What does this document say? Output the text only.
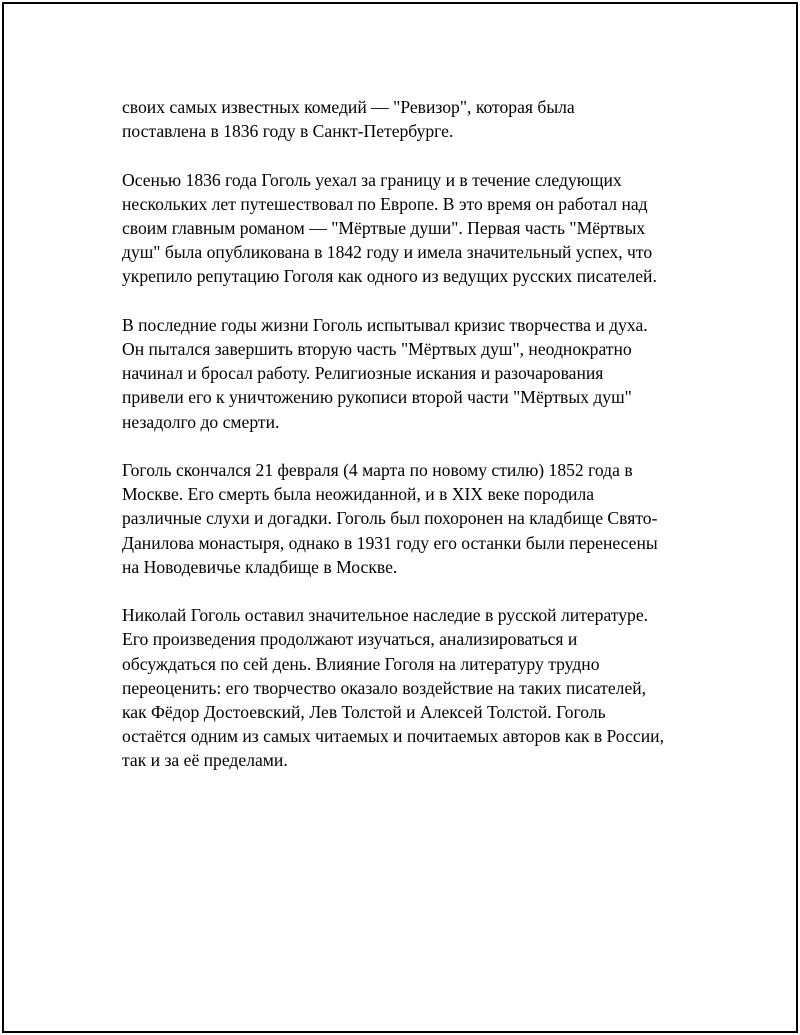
своих самых известных комедий — "Ревизор", которая была
поставлена в 1836 году в Санкт-Петербурге.

Осенью 1836 года Гоголь уехал за границу и в течение следующих
нескольких лет путешествовал по Европе. В это время он работал над
своим главным романом — "Мёртвые души". Первая часть "Мёртвых
душ" была опубликована в 1842 году и имела значительный успех, что
укрепило репутацию Гоголя как одного из ведущих русских писателей.

В последние годы жизни Гоголь испытывал кризис творчества и духа.
Он пытался завершить вторую часть "Мёртвых душ", неоднократно
начинал и бросал работу. Религиозные искания и разочарования
привели его к уничтожению рукописи второй части "Мёртвых душ"
незадолго до смерти.

Гоголь скончался 21 февраля (4 марта по новому стилю) 1852 года в
Москве. Его смерть была неожиданной, и в XIX веке породила
различные слухи и догадки. Гоголь был похоронен на кладбище Свято-
Данилова монастыря, однако в 1931 году его останки были перенесены
на Новодевичье кладбище в Москве.

Николай Гоголь оставил значительное наследие в русской литературе.
Его произведения продолжают изучаться, анализироваться и
обсуждаться по сей день. Влияние Гоголя на литературу трудно
переоценить: его творчество оказало воздействие на таких писателей,
как Фёдор Достоевский, Лев Толстой и Алексей Толстой. Гоголь
остаётся одним из самых читаемых и почитаемых авторов как в России,
так и за её пределами.
